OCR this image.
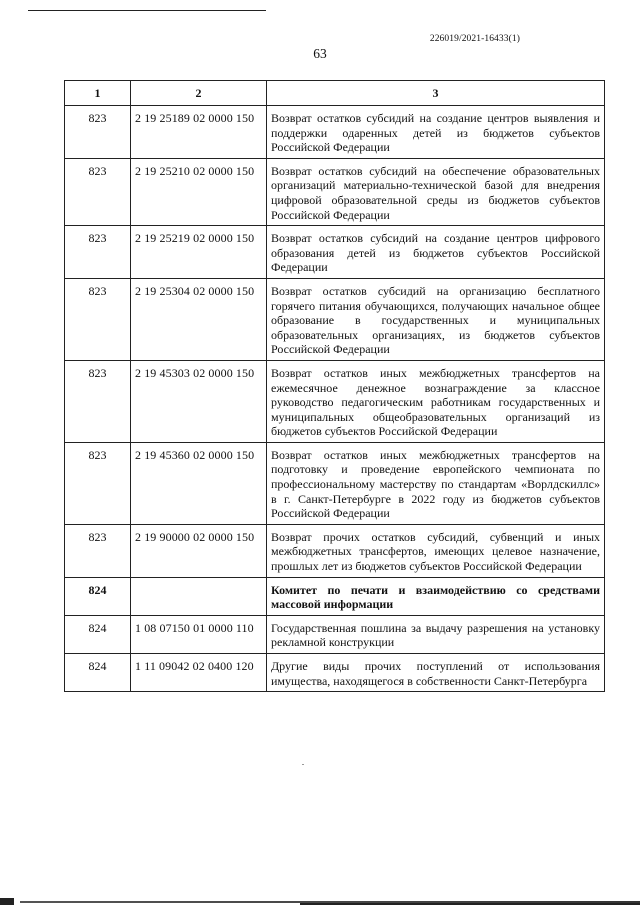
226019/2021-16433(1)
63
1	2	3
823	2 19 25189 02 0000 150	Возврат остатков субсидий на создание центров выявления и поддержки одаренных детей из бюджетов субъектов Российской Федерации
823	2 19 25210 02 0000 150	Возврат остатков субсидий на обеспечение образовательных организаций материально-технической базой для внедрения цифровой образовательной среды из бюджетов субъектов Российской Федерации
823	2 19 25219 02 0000 150	Возврат остатков субсидий на создание центров цифрового образования детей из бюджетов субъектов Российской Федерации
823	2 19 25304 02 0000 150	Возврат остатков субсидий на организацию бесплатного горячего питания обучающихся, получающих начальное общее образование в государственных и муниципальных образовательных организациях, из бюджетов субъектов Российской Федерации
823	2 19 45303 02 0000 150	Возврат остатков иных межбюджетных трансфертов на ежемесячное денежное вознаграждение за классное руководство педагогическим работникам государственных и муниципальных общеобразовательных организаций из бюджетов субъектов Российской Федерации
823	2 19 45360 02 0000 150	Возврат остатков иных межбюджетных трансфертов на подготовку и проведение европейского чемпионата по профессиональному мастерству по стандартам «Ворлдскиллс» в г. Санкт-Петербурге в 2022 году из бюджетов субъектов Российской Федерации
823	2 19 90000 02 0000 150	Возврат прочих остатков субсидий, субвенций и иных межбюджетных трансфертов, имеющих целевое назначение, прошлых лет из бюджетов субъектов Российской Федерации
824		Комитет по печати и взаимодействию со средствами массовой информации
824	1 08 07150 01 0000 110	Государственная пошлина за выдачу разрешения на установку рекламной конструкции
824	1 11 09042 02 0400 120	Другие виды прочих поступлений от использования имущества, находящегося в собственности Санкт-Петербурга
